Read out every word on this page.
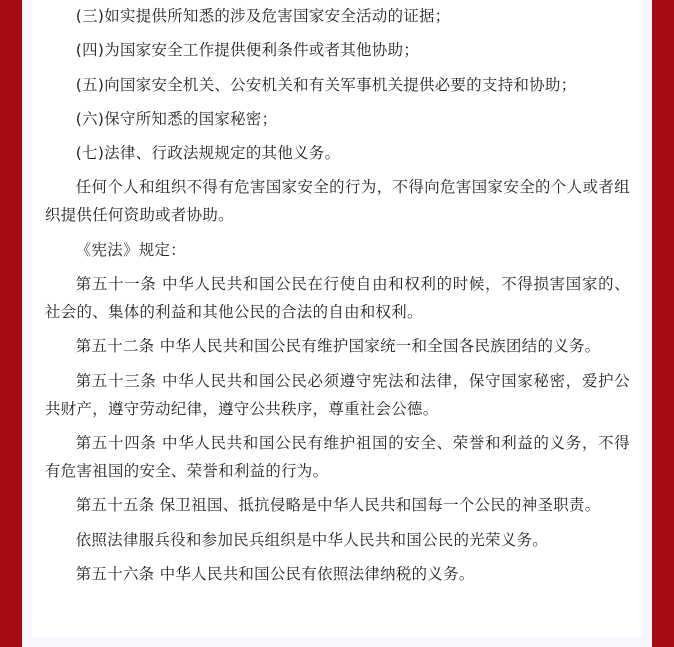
(三)如实提供所知悉的涉及危害国家安全活动的证据；

(四)为国家安全工作提供便利条件或者其他协助；

(五)向国家安全机关、公安机关和有关军事机关提供必要的支持和协助；

(六)保守所知悉的国家秘密；

(七)法律、行政法规规定的其他义务。

任何个人和组织不得有危害国家安全的行为，不得向危害国家安全的个人或者组织提供任何资助或者协助。

《宪法》规定：

第五十一条 中华人民共和国公民在行使自由和权利的时候，不得损害国家的、社会的、集体的利益和其他公民的合法的自由和权利。

第五十二条 中华人民共和国公民有维护国家统一和全国各民族团结的义务。

第五十三条 中华人民共和国公民必须遵守宪法和法律，保守国家秘密，爱护公共财产，遵守劳动纪律，遵守公共秩序，尊重社会公德。

第五十四条 中华人民共和国公民有维护祖国的安全、荣誉和利益的义务，不得有危害祖国的安全、荣誉和利益的行为。

第五十五条 保卫祖国、抵抗侵略是中华人民共和国每一个公民的神圣职责。

依照法律服兵役和参加民兵组织是中华人民共和国公民的光荣义务。

第五十六条 中华人民共和国公民有依照法律纳税的义务。
